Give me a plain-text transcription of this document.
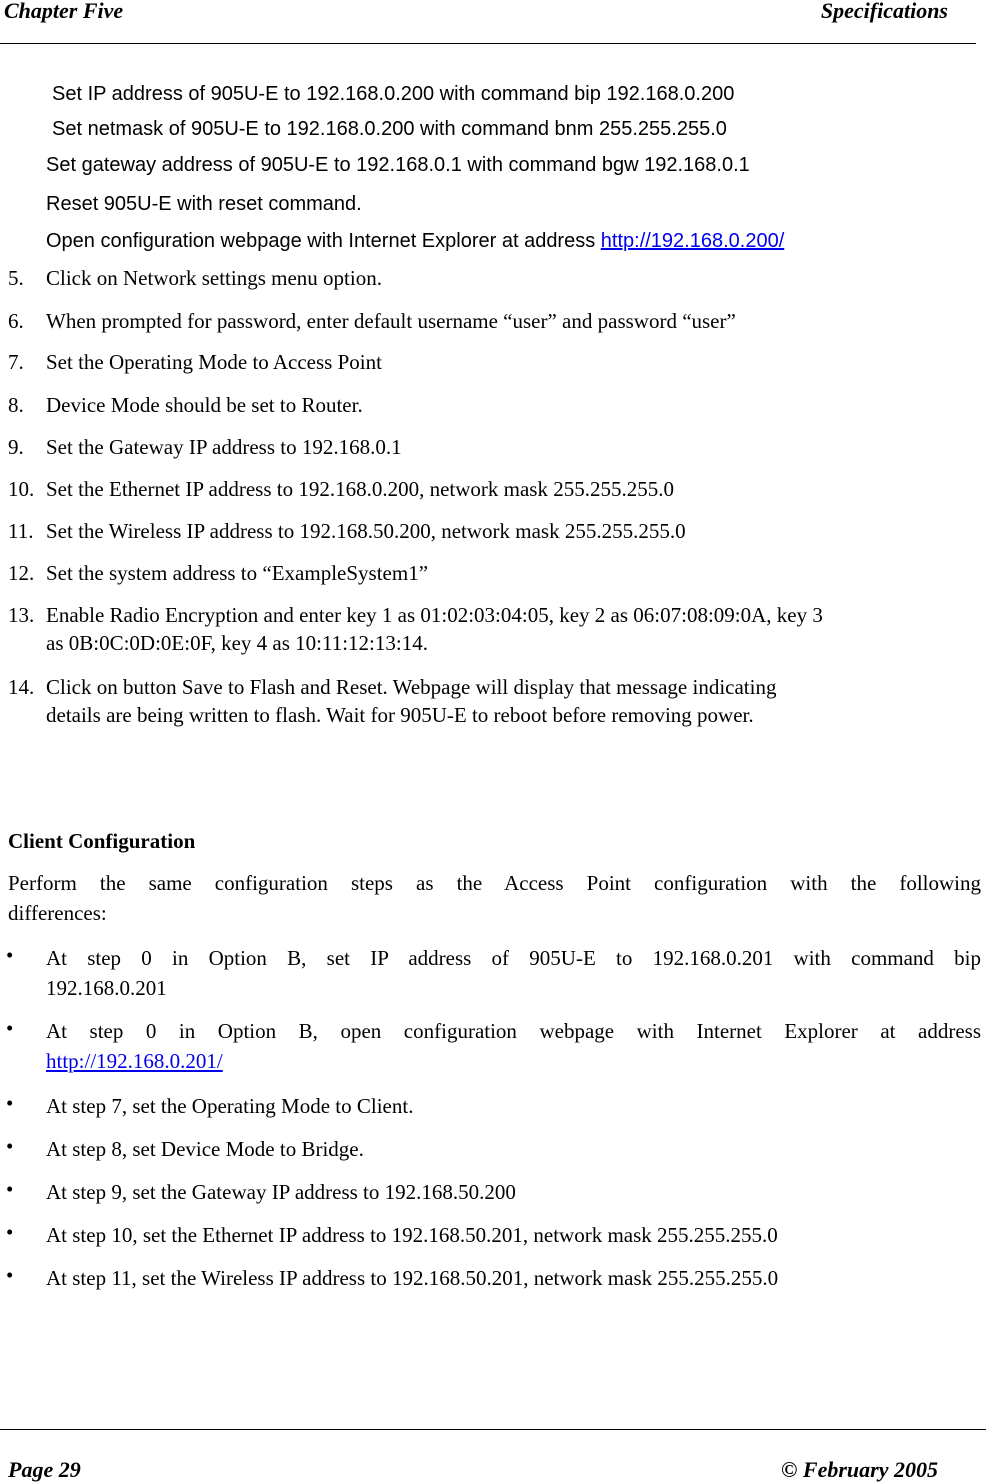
Chapter Five	Specifications
Set IP address of 905U-E to 192.168.0.200 with command bip 192.168.0.200
Set netmask of 905U-E to 192.168.0.200 with command bnm 255.255.255.0
Set gateway address of 905U-E to 192.168.0.1 with command bgw 192.168.0.1
Reset 905U-E with reset command.
Open configuration webpage with Internet Explorer at address http://192.168.0.200/
5. Click on Network settings menu option.
6. When prompted for password, enter default username “user” and password “user”
7. Set the Operating Mode to Access Point
8. Device Mode should be set to Router.
9. Set the Gateway IP address to 192.168.0.1
10. Set the Ethernet IP address to 192.168.0.200, network mask 255.255.255.0
11. Set the Wireless IP address to 192.168.50.200, network mask 255.255.255.0
12. Set the system address to “ExampleSystem1”
13. Enable Radio Encryption and enter key 1 as 01:02:03:04:05, key 2 as 06:07:08:09:0A, key 3
as 0B:0C:0D:0E:0F, key 4 as 10:11:12:13:14.
14. Click on button Save to Flash and Reset. Webpage will display that message indicating
details are being written to flash. Wait for 905U-E to reboot before removing power.
Client Configuration
Perform the same configuration steps as the Access Point configuration with the following
differences:
• At step 0 in Option B, set IP address of 905U-E to 192.168.0.201 with command bip
192.168.0.201
• At step 0 in Option B, open configuration webpage with Internet Explorer at address
http://192.168.0.201/
• At step 7, set the Operating Mode to Client.
• At step 8, set Device Mode to Bridge.
• At step 9, set the Gateway IP address to 192.168.50.200
• At step 10, set the Ethernet IP address to 192.168.50.201, network mask 255.255.255.0
• At step 11, set the Wireless IP address to 192.168.50.201, network mask 255.255.255.0
Page 29	© February 2005
